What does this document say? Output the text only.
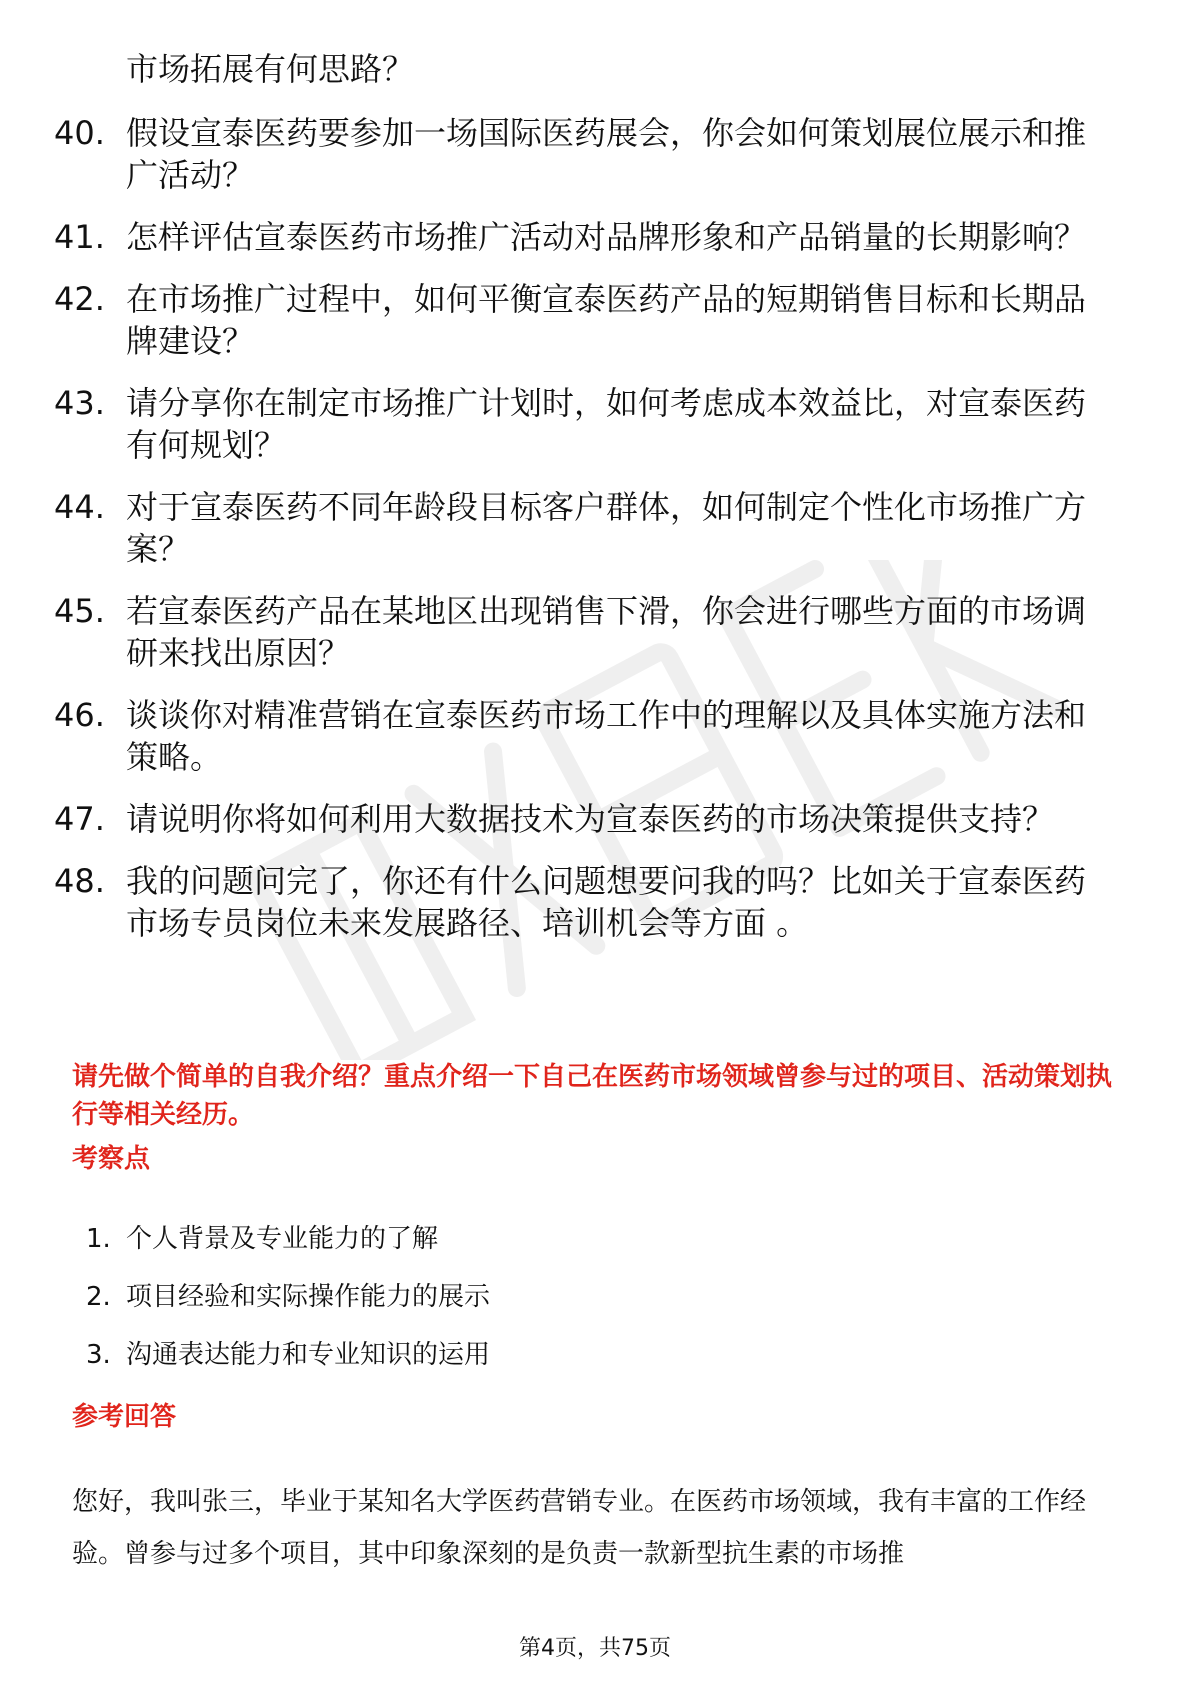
市场拓展有何思路？
40. 假设宣泰医药要参加一场国际医药展会，你会如何策划展位展示和推广活动？
41. 怎样评估宣泰医药市场推广活动对品牌形象和产品销量的长期影响？
42. 在市场推广过程中，如何平衡宣泰医药产品的短期销售目标和长期品牌建设？
43. 请分享你在制定市场推广计划时，如何考虑成本效益比，对宣泰医药有何规划？
44. 对于宣泰医药不同年龄段目标客户群体，如何制定个性化市场推广方案？
45. 若宣泰医药产品在某地区出现销售下滑，你会进行哪些方面的市场调研来找出原因？
46. 谈谈你对精准营销在宣泰医药市场工作中的理解以及具体实施方法和策略。
47. 请说明你将如何利用大数据技术为宣泰医药的市场决策提供支持？
48. 我的问题问完了，你还有什么问题想要问我的吗？比如关于宣泰医药市场专员岗位未来发展路径、培训机会等方面 。
请先做个简单的自我介绍？重点介绍一下自己在医药市场领域曾参与过的项目、活动策划执行等相关经历。
考察点
1. 个人背景及专业能力的了解
2. 项目经验和实际操作能力的展示
3. 沟通表达能力和专业知识的运用
参考回答
您好，我叫张三，毕业于某知名大学医药营销专业。在医药市场领域，我有丰富的工作经验。曾参与过多个项目，其中印象深刻的是负责一款新型抗生素的市场推
第4页，共75页
